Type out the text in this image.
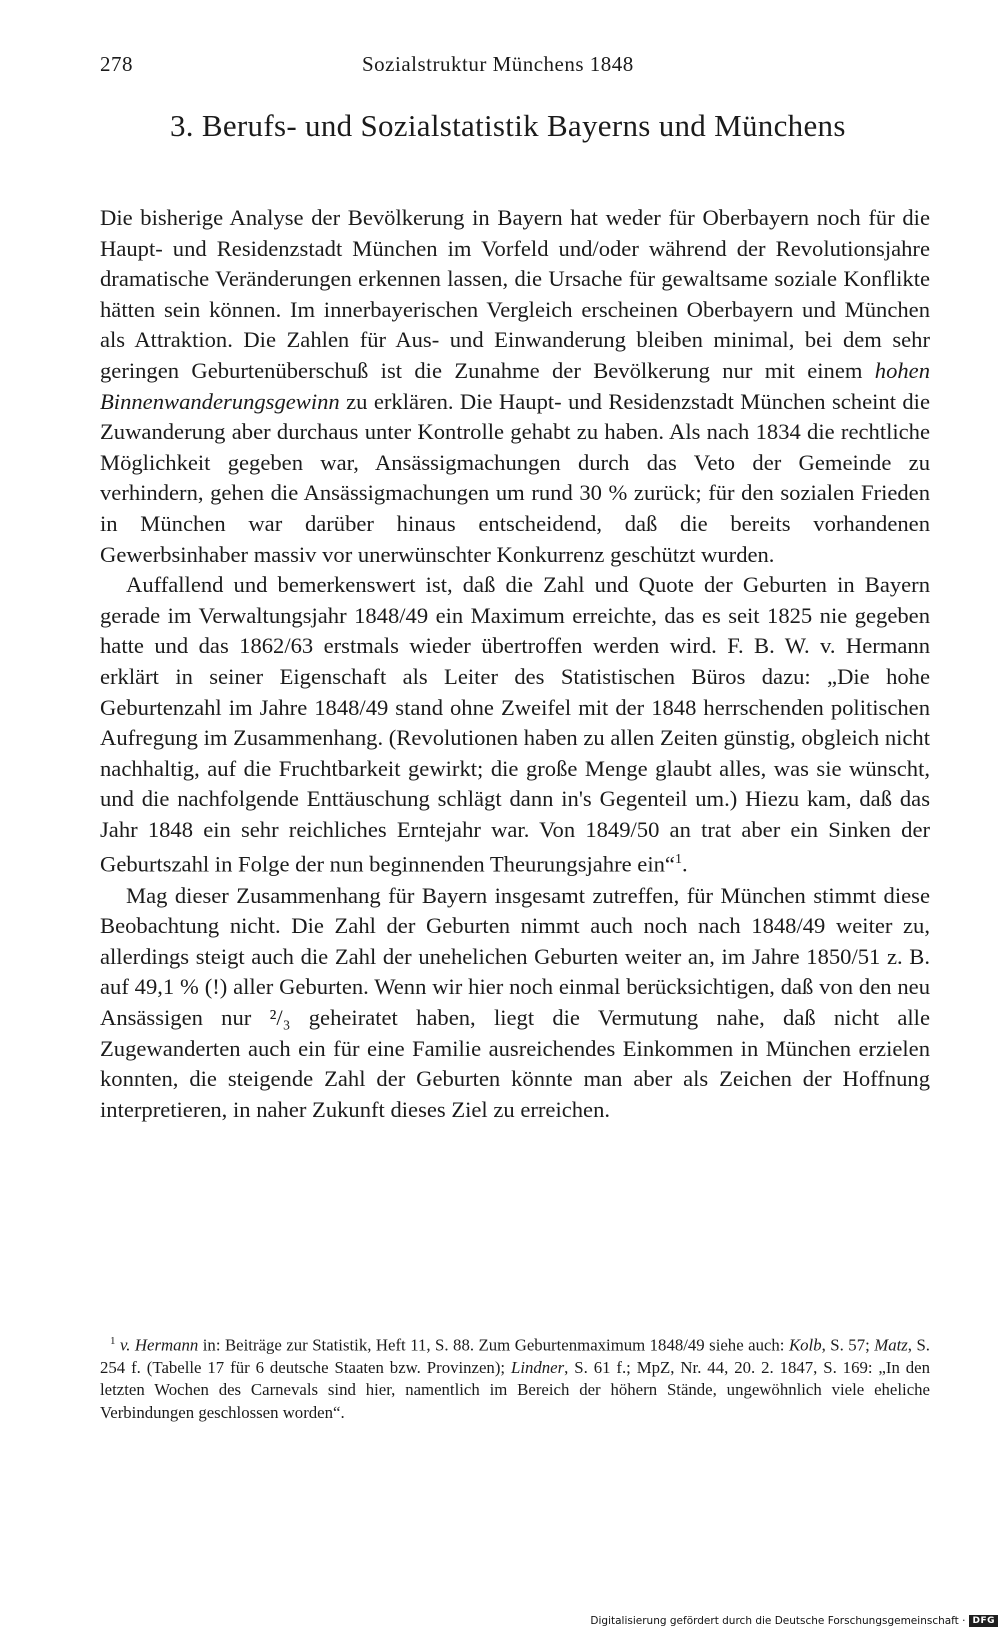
278	Sozialstruktur Münchens 1848
3. Berufs- und Sozialstatistik Bayerns und Münchens

Die bisherige Analyse der Bevölkerung in Bayern hat weder für Oberbayern noch für die Haupt- und Residenzstadt München im Vorfeld und/oder während der Revolutionsjahre dramatische Veränderungen erkennen lassen, die Ursache für gewaltsame soziale Konflikte hätten sein können. Im innerbayerischen Vergleich erscheinen Oberbayern und München als Attraktion. Die Zahlen für Aus- und Einwanderung bleiben minimal, bei dem sehr geringen Geburtenüberschuß ist die Zunahme der Bevölkerung nur mit einem hohen Binnenwanderungsgewinn zu erklären. Die Haupt- und Residenzstadt München scheint die Zuwanderung aber durchaus unter Kontrolle gehabt zu haben. Als nach 1834 die rechtliche Möglichkeit gegeben war, Ansässigmachungen durch das Veto der Gemeinde zu verhindern, gehen die Ansässigmachungen um rund 30 % zurück; für den sozialen Frieden in München war darüber hinaus entscheidend, daß die bereits vorhandenen Gewerbsinhaber massiv vor unerwünschter Konkurrenz geschützt wurden.

Auffallend und bemerkenswert ist, daß die Zahl und Quote der Geburten in Bayern gerade im Verwaltungsjahr 1848/49 ein Maximum erreichte, das es seit 1825 nie gegeben hatte und das 1862/63 erstmals wieder übertroffen werden wird. F. B. W. v. Hermann erklärt in seiner Eigenschaft als Leiter des Statistischen Büros dazu: „Die hohe Geburtenzahl im Jahre 1848/49 stand ohne Zweifel mit der 1848 herrschenden politischen Aufregung im Zusammenhang. (Revolutionen haben zu allen Zeiten günstig, obgleich nicht nachhaltig, auf die Fruchtbarkeit gewirkt; die große Menge glaubt alles, was sie wünscht, und die nachfolgende Enttäuschung schlägt dann in's Gegenteil um.) Hiezu kam, daß das Jahr 1848 ein sehr reichliches Erntejahr war. Von 1849/50 an trat aber ein Sinken der Geburtszahl in Folge der nun beginnenden Theurungsjahre ein“$^1$.

Mag dieser Zusammenhang für Bayern insgesamt zutreffen, für München stimmt diese Beobachtung nicht. Die Zahl der Geburten nimmt auch noch nach 1848/49 weiter zu, allerdings steigt auch die Zahl der unehelichen Geburten weiter an, im Jahre 1850/51 z. B. auf 49,1 % (!) aller Geburten. Wenn wir hier noch einmal berücksichtigen, daß von den neu Ansässigen nur ²/₃ geheiratet haben, liegt die Vermutung nahe, daß nicht alle Zugewanderten auch ein für eine Familie ausreichendes Einkommen in München erzielen konnten, die steigende Zahl der Geburten könnte man aber als Zeichen der Hoffnung interpretieren, in naher Zukunft dieses Ziel zu erreichen.

$^1$ v. Hermann in: Beiträge zur Statistik, Heft 11, S. 88. Zum Geburtenmaximum 1848/49 siehe auch: Kolb, S. 57; Matz, S. 254 f. (Tabelle 17 für 6 deutsche Staaten bzw. Provinzen); Lindner, S. 61 f.; MpZ, Nr. 44, 20. 2. 1847, S. 169: „In den letzten Wochen des Carnevals sind hier, namentlich im Bereich der höhern Stände, ungewöhnlich viele eheliche Verbindungen geschlossen worden“.

Digitalisierung gefördert durch die Deutsche Forschungsgemeinschaft · DFG
